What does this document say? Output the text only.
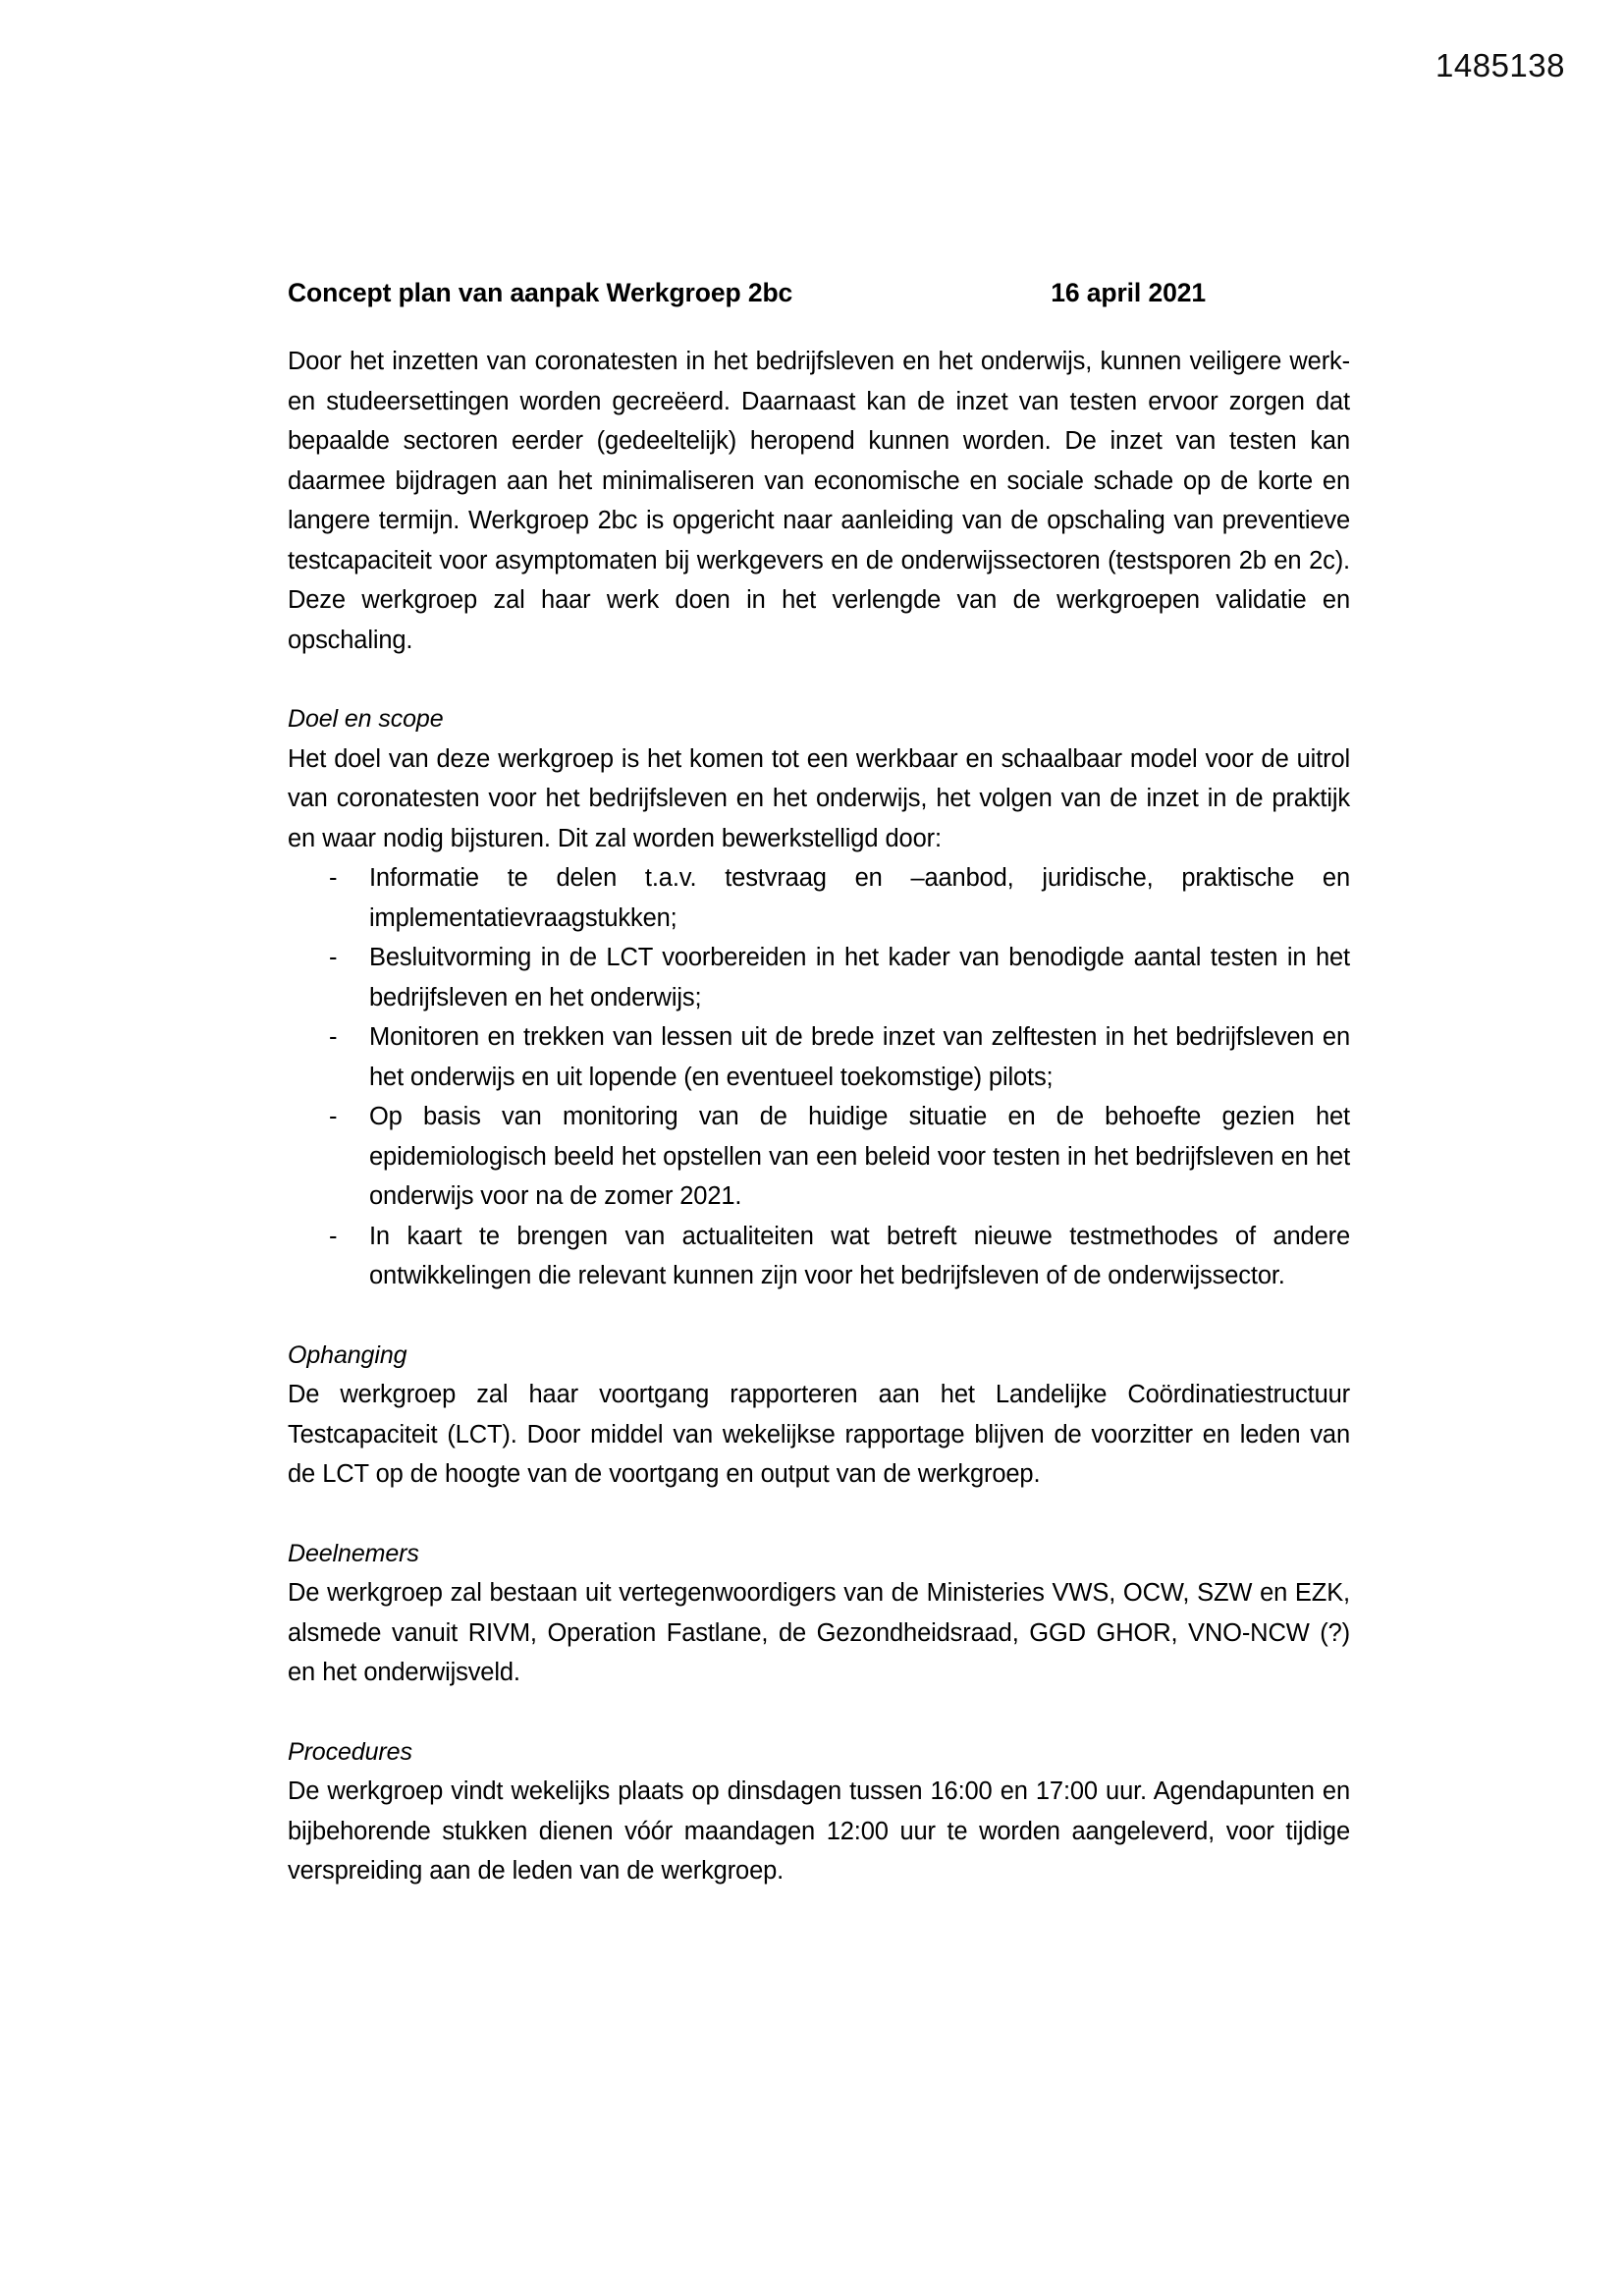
1485138
Concept plan van aanpak Werkgroep 2bc	16 april 2021

Door het inzetten van coronatesten in het bedrijfsleven en het onderwijs, kunnen veiligere werk- en studeersettingen worden gecreëerd. Daarnaast kan de inzet van testen ervoor zorgen dat bepaalde sectoren eerder (gedeeltelijk) heropend kunnen worden. De inzet van testen kan daarmee bijdragen aan het minimaliseren van economische en sociale schade op de korte en langere termijn. Werkgroep 2bc is opgericht naar aanleiding van de opschaling van preventieve testcapaciteit voor asymptomaten bij werkgevers en de onderwijssectoren (testsporen 2b en 2c). Deze werkgroep zal haar werk doen in het verlengde van de werkgroepen validatie en opschaling.

Doel en scope

Het doel van deze werkgroep is het komen tot een werkbaar en schaalbaar model voor de uitrol van coronatesten voor het bedrijfsleven en het onderwijs, het volgen van de inzet in de praktijk en waar nodig bijsturen. Dit zal worden bewerkstelligd door:

- Informatie te delen t.a.v. testvraag en –aanbod, juridische, praktische en implementatievraagstukken;
- Besluitvorming in de LCT voorbereiden in het kader van benodigde aantal testen in het bedrijfsleven en het onderwijs;
- Monitoren en trekken van lessen uit de brede inzet van zelftesten in het bedrijfsleven en het onderwijs en uit lopende (en eventueel toekomstige) pilots;
- Op basis van monitoring van de huidige situatie en de behoefte gezien het epidemiologisch beeld het opstellen van een beleid voor testen in het bedrijfsleven en het onderwijs voor na de zomer 2021.
- In kaart te brengen van actualiteiten wat betreft nieuwe testmethodes of andere ontwikkelingen die relevant kunnen zijn voor het bedrijfsleven of de onderwijssector.
Ophanging

De werkgroep zal haar voortgang rapporteren aan het Landelijke Coördinatiestructuur Testcapaciteit (LCT). Door middel van wekelijkse rapportage blijven de voorzitter en leden van de LCT op de hoogte van de voortgang en output van de werkgroep.

Deelnemers

De werkgroep zal bestaan uit vertegenwoordigers van de Ministeries VWS, OCW, SZW en EZK, alsmede vanuit RIVM, Operation Fastlane, de Gezondheidsraad, GGD GHOR, VNO-NCW (?) en het onderwijsveld.

Procedures

De werkgroep vindt wekelijks plaats op dinsdagen tussen 16:00 en 17:00 uur. Agendapunten en bijbehorende stukken dienen vóór maandagen 12:00 uur te worden aangeleverd, voor tijdige verspreiding aan de leden van de werkgroep.
